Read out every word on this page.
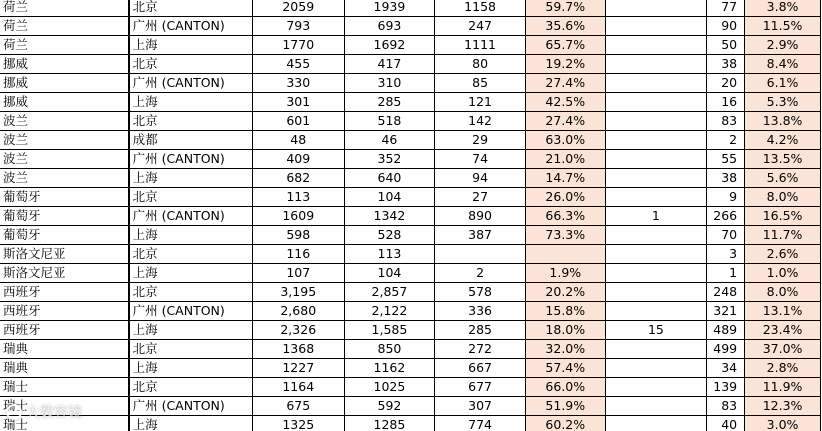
荷兰	北京	2059	1939	1158	59.7%		77	3.8%
荷兰	广州 (CANTON)	793	693	247	35.6%		90	11.5%
荷兰	上海	1770	1692	1111	65.7%		50	2.9%
挪威	北京	455	417	80	19.2%		38	8.4%
挪威	广州 (CANTON)	330	310	85	27.4%		20	6.1%
挪威	上海	301	285	121	42.5%		16	5.3%
波兰	北京	601	518	142	27.4%		83	13.8%
波兰	成都	48	46	29	63.0%		2	4.2%
波兰	广州 (CANTON)	409	352	74	21.0%		55	13.5%
波兰	上海	682	640	94	14.7%		38	5.6%
葡萄牙	北京	113	104	27	26.0%		9	8.0%
葡萄牙	广州 (CANTON)	1609	1342	890	66.3%	1	266	16.5%
葡萄牙	上海	598	528	387	73.3%		70	11.7%
斯洛文尼亚	北京	116	113				3	2.6%
斯洛文尼亚	上海	107	104	2	1.9%		1	1.0%
西班牙	北京	3,195	2,857	578	20.2%		248	8.0%
西班牙	广州 (CANTON)	2,680	2,122	336	15.8%		321	13.1%
西班牙	上海	2,326	1,585	285	18.0%	15	489	23.4%
瑞典	北京	1368	850	272	32.0%		499	37.0%
瑞典	上海	1227	1162	667	57.4%		34	2.8%
瑞士	北京	1164	1025	677	66.0%		139	11.9%
瑞士	广州 (CANTON)	675	592	307	51.9%		83	12.3%
瑞士	上海	1325	1285	774	60.2%		40	3.0%
大数容镜
